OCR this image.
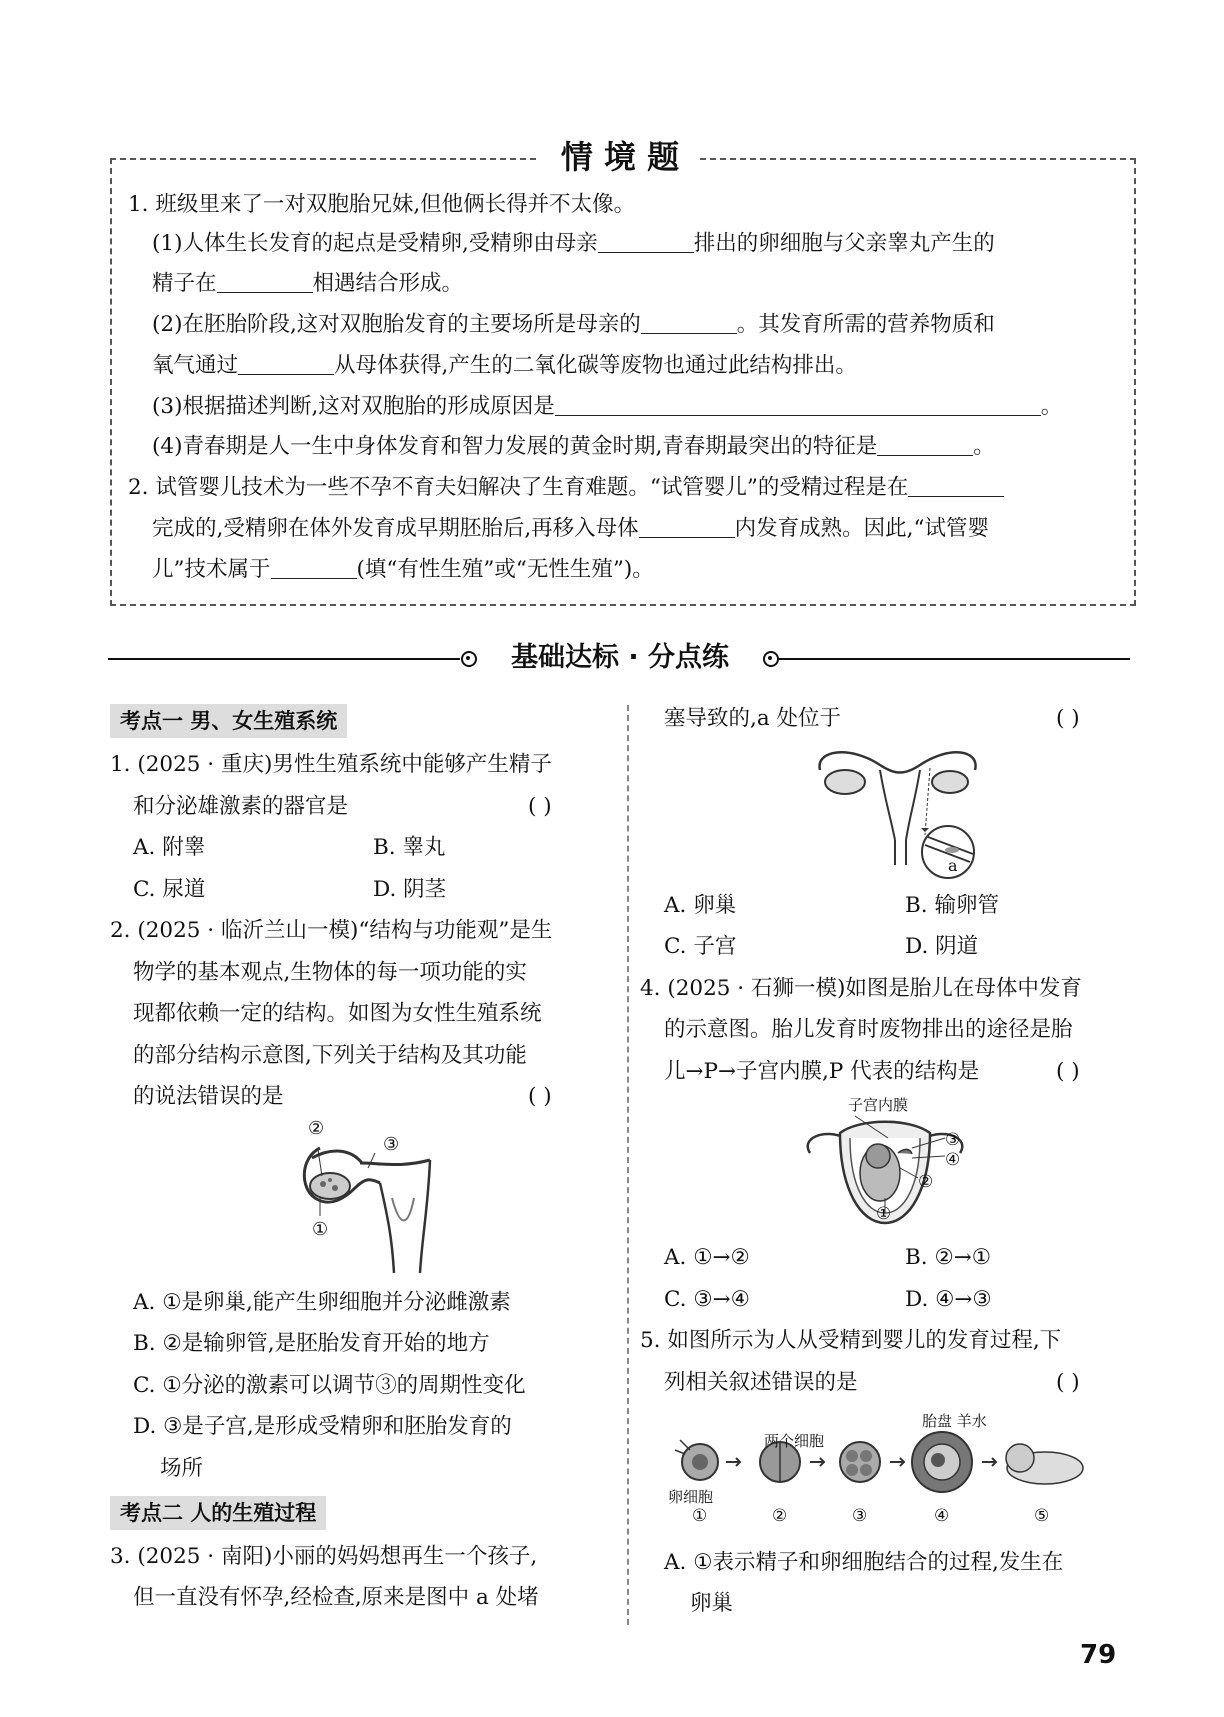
情 境 题
1. 班级里来了一对双胞胎兄妹,但他俩长得并不太像。
(1)人体生长发育的起点是受精卵,受精卵由母亲	排出的卵细胞与父亲睾丸产生的
精子在	相遇结合形成。
(2)在胚胎阶段,这对双胞胎发育的主要场所是母亲的	。其发育所需的营养物质和
氧气通过	从母体获得,产生的二氧化碳等废物也通过此结构排出。
(3)根据描述判断,这对双胞胎的形成原因是	。
(4)青春期是人一生中身体发育和智力发展的黄金时期,青春期最突出的特征是	。
2. 试管婴儿技术为一些不孕不育夫妇解决了生育难题。“试管婴儿”的受精过程是在
完成的,受精卵在体外发育成早期胚胎后,再移入母体	内发育成熟。因此,“试管婴
儿”技术属于	(填“有性生殖”或“无性生殖”)。
基础达标 · 分点练
考点一 男、女生殖系统
1. (2025 · 重庆)男性生殖系统中能够产生精子
和分泌雄激素的器官是	( )
A. 附睾	B. 睾丸
C. 尿道	D. 阴茎
2. (2025 · 临沂兰山一模)“结构与功能观”是生
物学的基本观点,生物体的每一项功能的实
现都依赖一定的结构。如图为女性生殖系统
的部分结构示意图,下列关于结构及其功能
的说法错误的是	( )
②
③
①
A. ①是卵巢,能产生卵细胞并分泌雌激素
B. ②是输卵管,是胚胎发育开始的地方
C. ①分泌的激素可以调节③的周期性变化
D. ③是子宫,是形成受精卵和胚胎发育的
场所
考点二 人的生殖过程
3. (2025 · 南阳)小丽的妈妈想再生一个孩子,
但一直没有怀孕,经检查,原来是图中 a 处堵
塞导致的,a 处位于	( )
a
A. 卵巢	B. 输卵管
C. 子宫	D. 阴道
4. (2025 · 石狮一模)如图是胎儿在母体中发育
的示意图。胎儿发育时废物排出的途径是胎
儿→P→子宫内膜,P 代表的结构是	( )
子宫内膜
③
④
②
①
A. ①→②	B. ②→①
C. ③→④	D. ④→③
5. 如图所示为人从受精到婴儿的发育过程,下
列相关叙述错误的是	( )
卵细胞
两个细胞
胎盘 羊水
①	②	③	④	⑤
A. ①表示精子和卵细胞结合的过程,发生在
卵巢
79
